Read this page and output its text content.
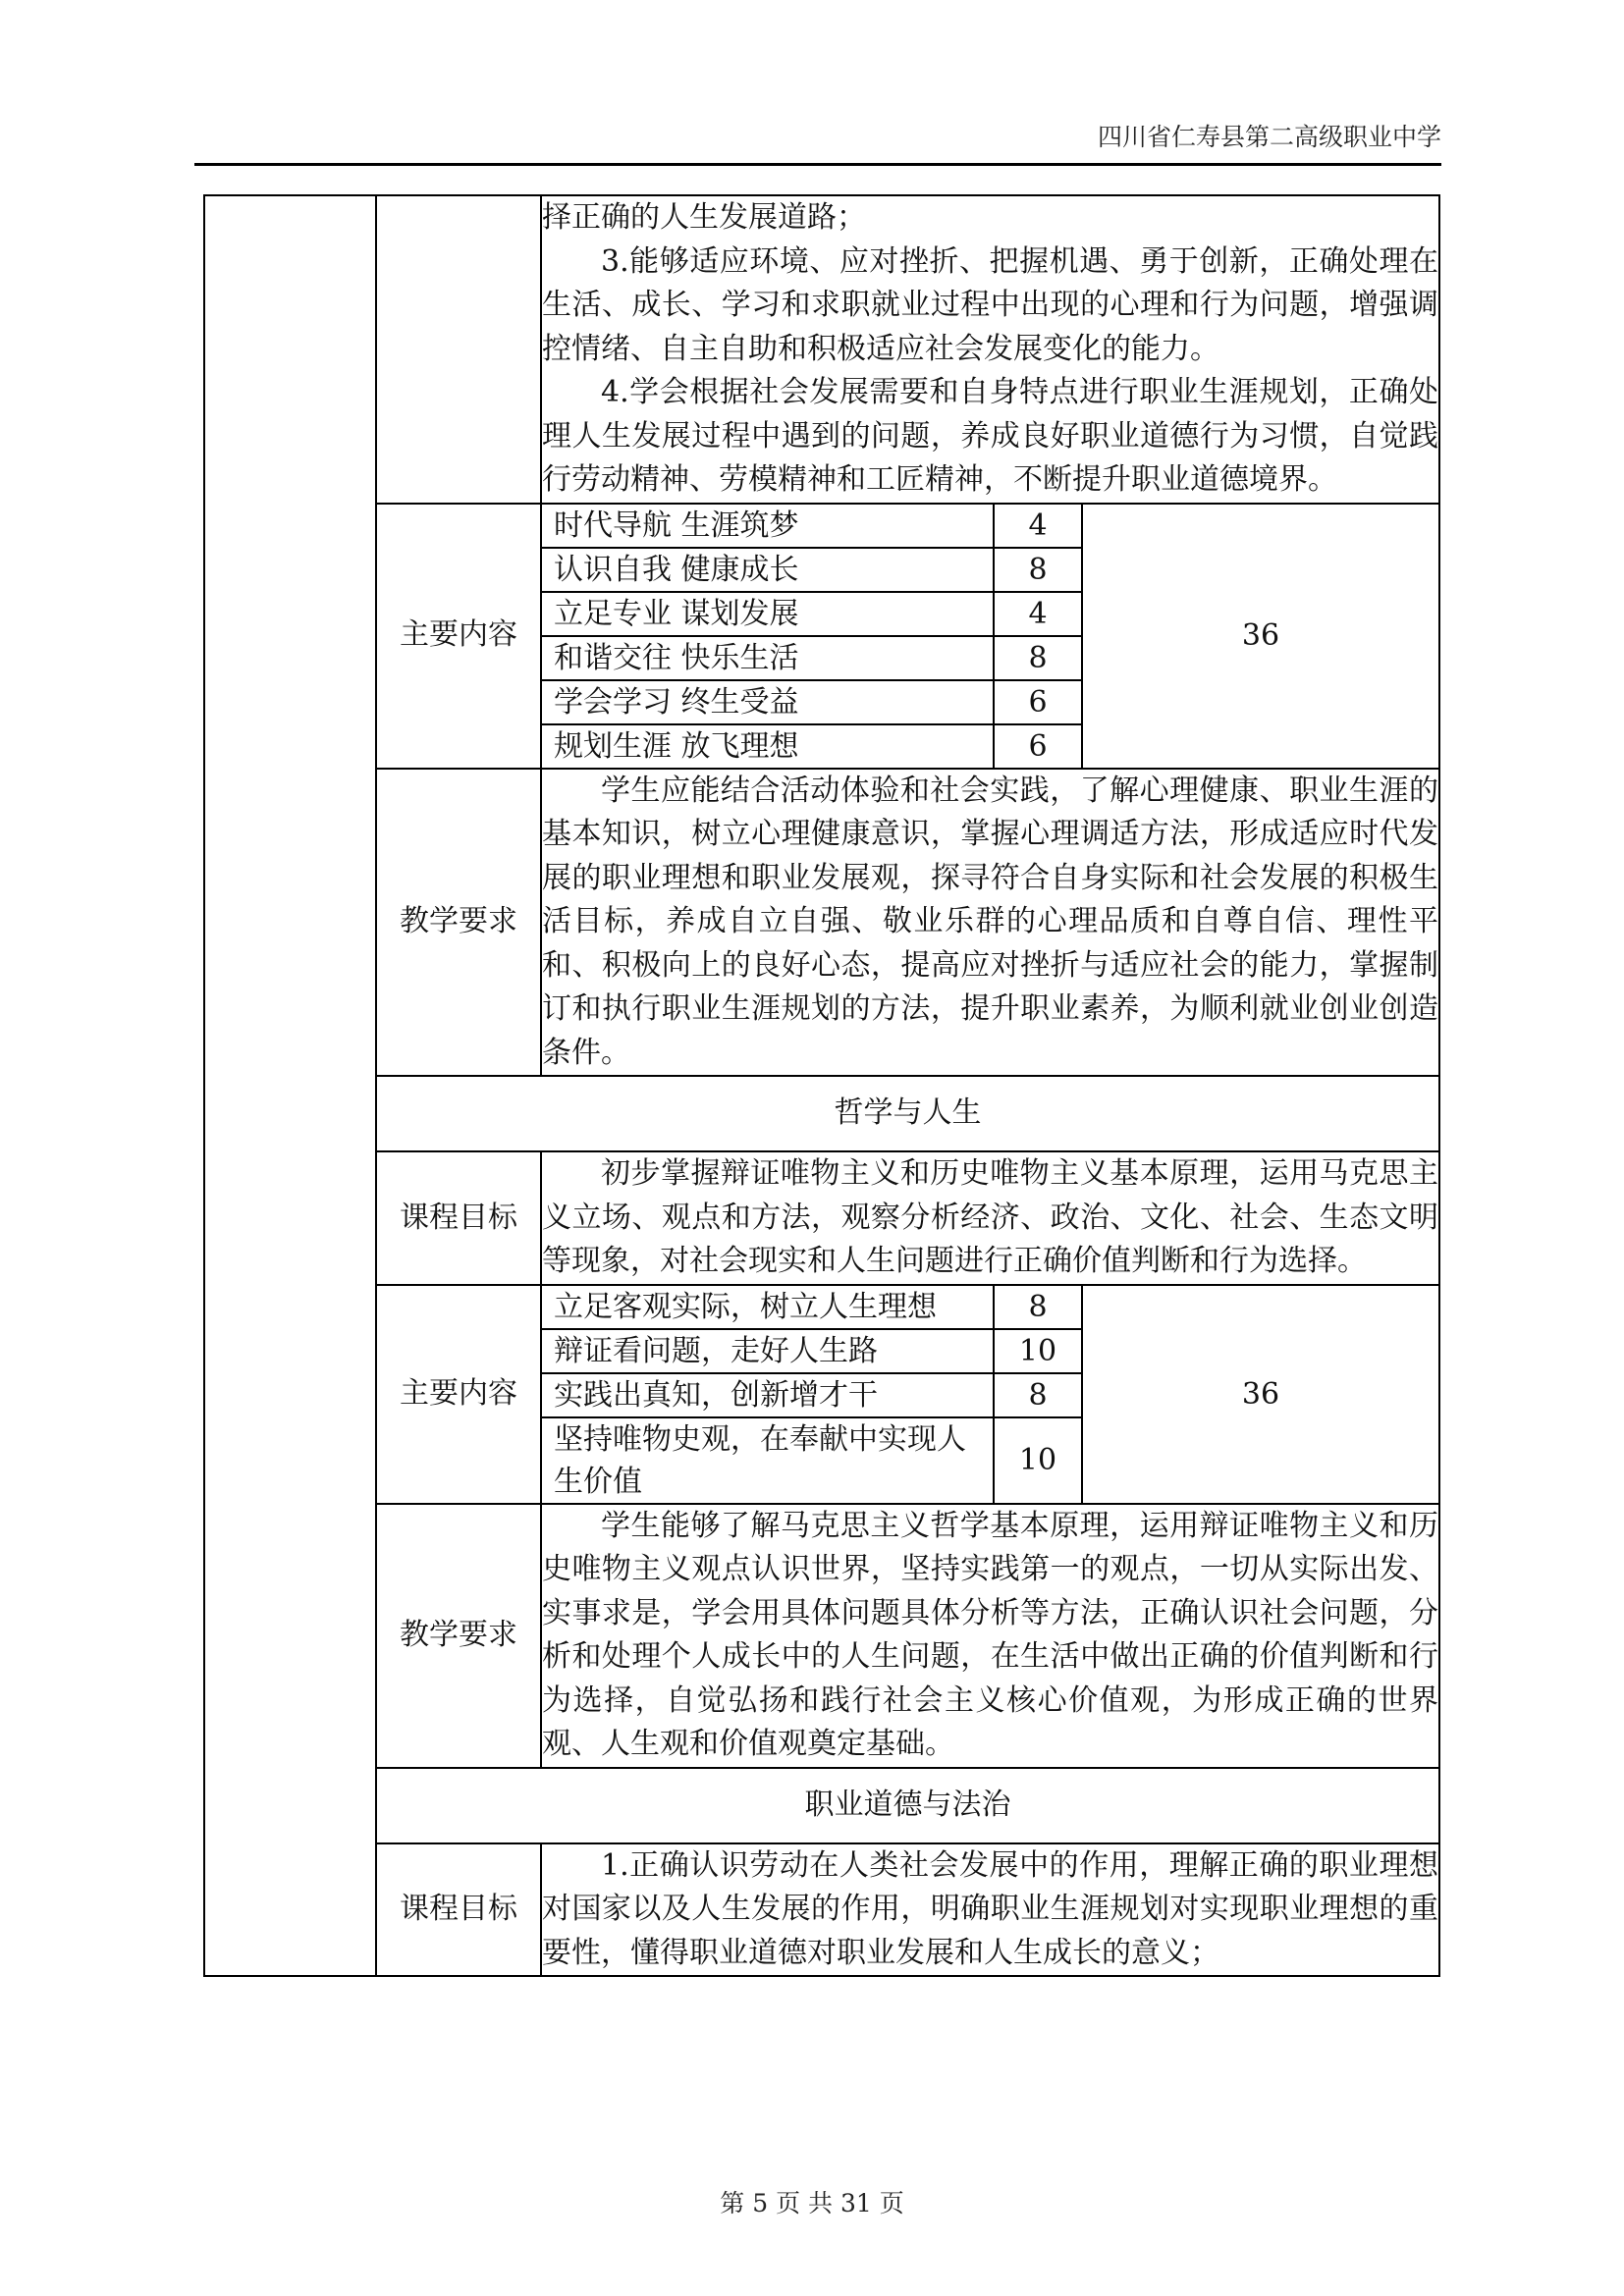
四川省仁寿县第二高级职业中学

择正确的人生发展道路；
3.能够适应环境、应对挫折、把握机遇、勇于创新，正确处理在生活、成长、学习和求职就业过程中出现的心理和行为问题，增强调控情绪、自主自助和积极适应社会发展变化的能力。
4.学会根据社会发展需要和自身特点进行职业生涯规划，正确处理人生发展过程中遇到的问题，养成良好职业道德行为习惯，自觉践行劳动精神、劳模精神和工匠精神，不断提升职业道德境界。

主要内容	
时代导航 生涯筑梦	4	36
认识自我 健康成长	8
立足专业 谋划发展	4
和谐交往 快乐生活	8
学会学习 终生受益	6
规划生涯 放飞理想	6

教学要求	学生应能结合活动体验和社会实践，了解心理健康、职业生涯的基本知识，树立心理健康意识，掌握心理调适方法，形成适应时代发展的职业理想和职业发展观，探寻符合自身实际和社会发展的积极生活目标，养成自立自强、敬业乐群的心理品质和自尊自信、理性平和、积极向上的良好心态，提高应对挫折与适应社会的能力，掌握制订和执行职业生涯规划的方法，提升职业素养，为顺利就业创业创造条件。
哲学与人生
课程目标	初步掌握辩证唯物主义和历史唯物主义基本原理，运用马克思主义立场、观点和方法，观察分析经济、政治、文化、社会、生态文明等现象，对社会现实和人生问题进行正确价值判断和行为选择。
主要内容	
立足客观实际，树立人生理想	8	36
辩证看问题，走好人生路	10
实践出真知，创新增才干	8
坚持唯物史观，在奉献中实现人生价值	10

教学要求	学生能够了解马克思主义哲学基本原理，运用辩证唯物主义和历史唯物主义观点认识世界，坚持实践第一的观点，一切从实际出发、实事求是，学会用具体问题具体分析等方法，正确认识社会问题，分析和处理个人成长中的人生问题，在生活中做出正确的价值判断和行为选择，自觉弘扬和践行社会主义核心价值观，为形成正确的世界观、人生观和价值观奠定基础。
职业道德与法治
课程目标	1.正确认识劳动在人类社会发展中的作用，理解正确的职业理想对国家以及人生发展的作用，明确职业生涯规划对实现职业理想的重要性，懂得职业道德对职业发展和人生成长的意义；
第 5 页 共 31 页
